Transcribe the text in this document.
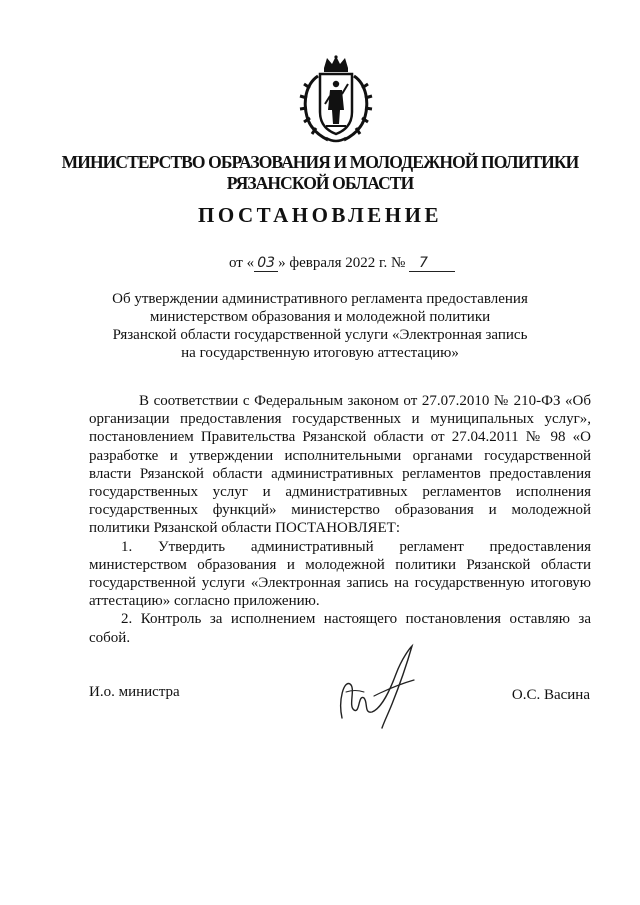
МИНИСТЕРСТВО ОБРАЗОВАНИЯ И МОЛОДЕЖНОЙ ПОЛИТИКИ
РЯЗАНСКОЙ ОБЛАСТИ
ПОСТАНОВЛЕНИЕ
от « 03 » февраля 2022 г. № 7
Об утверждении административного регламента предоставления
министерством образования и молодежной политики
Рязанской области государственной услуги «Электронная запись
на государственную итоговую аттестацию»

В соответствии с Федеральным законом от 27.07.2010 № 210-ФЗ «Об организации предоставления государственных и муниципальных услуг», постановлением Правительства Рязанской области от 27.04.2011 № 98 «О разработке и утверждении исполнительными органами государственной власти Рязанской области административных регламентов предоставления государственных услуг и административных регламентов исполнения государственных функций» министерство образования и молодежной политики Рязанской области ПОСТАНОВЛЯЕТ:

1. Утвердить административный регламент предоставления министерством образования и молодежной политики Рязанской области государственной услуги «Электронная запись на государственную итоговую аттестацию» согласно приложению.

2. Контроль за исполнением настоящего постановления оставляю за собой.

И.о. министра	О.С. Васина
